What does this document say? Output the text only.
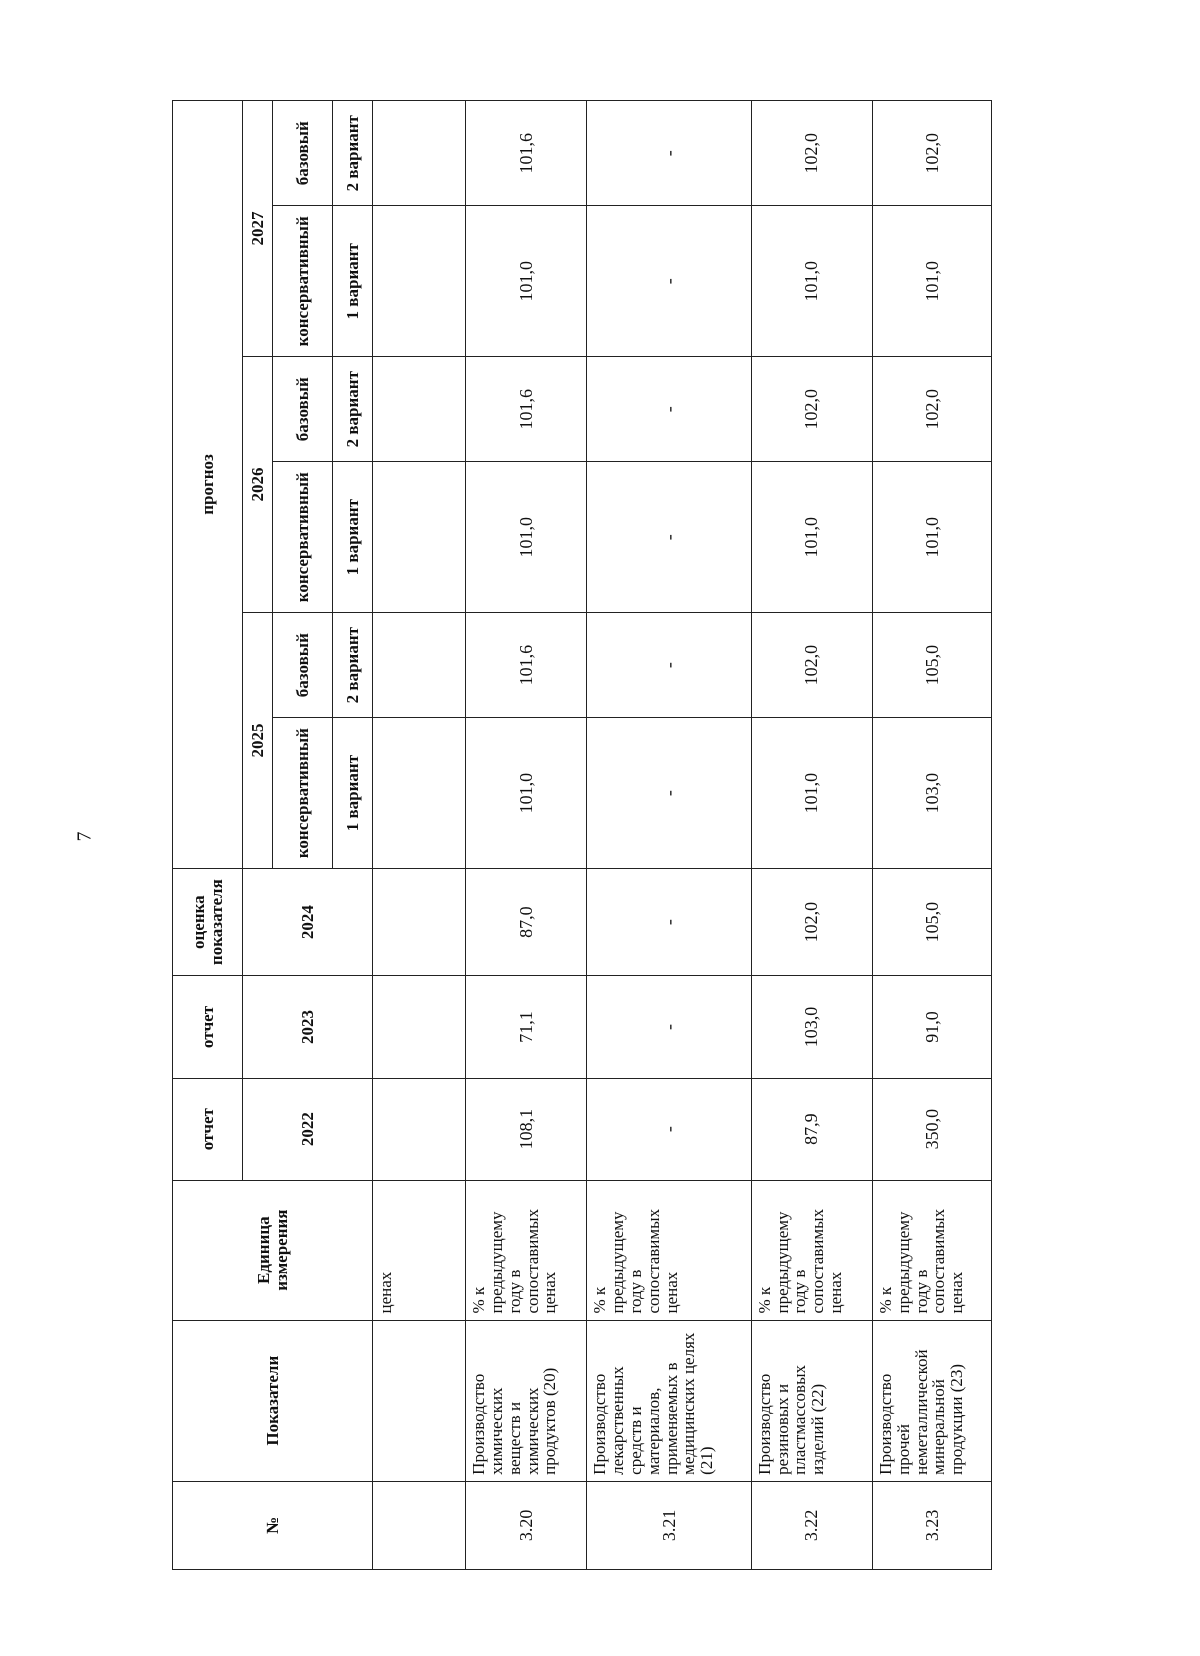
7
№	Показатели	Единица измерения	отчет	отчет	оценка показателя	прогноз					
			2022	2023	2024	2025		2026		2027	
						консервативный	базовый	консервативный	базовый	консервативный	базовый
						1 вариант	2 вариант	1 вариант	2 вариант	1 вариант	2 вариант
		ценах									
3.20	Производство химических веществ и химических продуктов (20)	% к предыдущему году в сопоставимых ценах	108,1	71,1	87,0	101,0	101,6	101,0	101,6	101,0	101,6
3.21	Производство лекарственных средств и материалов, применяемых в медицинских целях (21)	% к предыдущему году в сопоставимых ценах	-	-	-	-	-	-	-	-	-
3.22	Производство резиновых и пластмассовых изделий (22)	% к предыдущему году в сопоставимых ценах	87,9	103,0	102,0	101,0	102,0	101,0	102,0	101,0	102,0
3.23	Производство прочей неметаллической минеральной продукции (23)	% к предыдущему году в сопоставимых ценах	350,0	91,0	105,0	103,0	105,0	101,0	102,0	101,0	102,0
